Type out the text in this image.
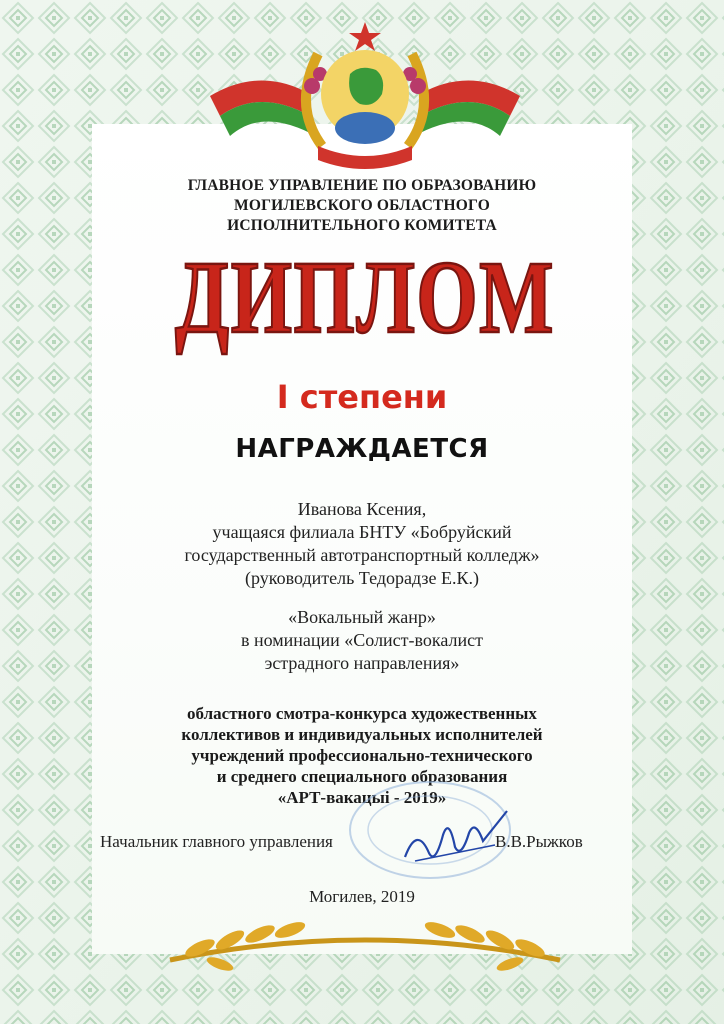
ГЛАВНОЕ УПРАВЛЕНИЕ ПО ОБРАЗОВАНИЮ
МОГИЛЕВСКОГО ОБЛАСТНОГО
ИСПОЛНИТЕЛЬНОГО КОМИТЕТА
ДИПЛОМ
I степени
НАГРАЖДАЕТСЯ
Иванова Ксения,
учащаяся филиала БНТУ «Бобруйский
государственный автотранспортный колледж»
(руководитель Тедорадзе Е.К.)
«Вокальный жанр»
в номинации «Солист-вокалист
эстрадного направления»
областного смотра-конкурса художественных
коллективов и индивидуальных исполнителей
учреждений профессионально-технического
и среднего специального образования
«АРТ-вакацыі - 2019»
Начальник главного управления	В.В.Рыжков
Могилев, 2019
